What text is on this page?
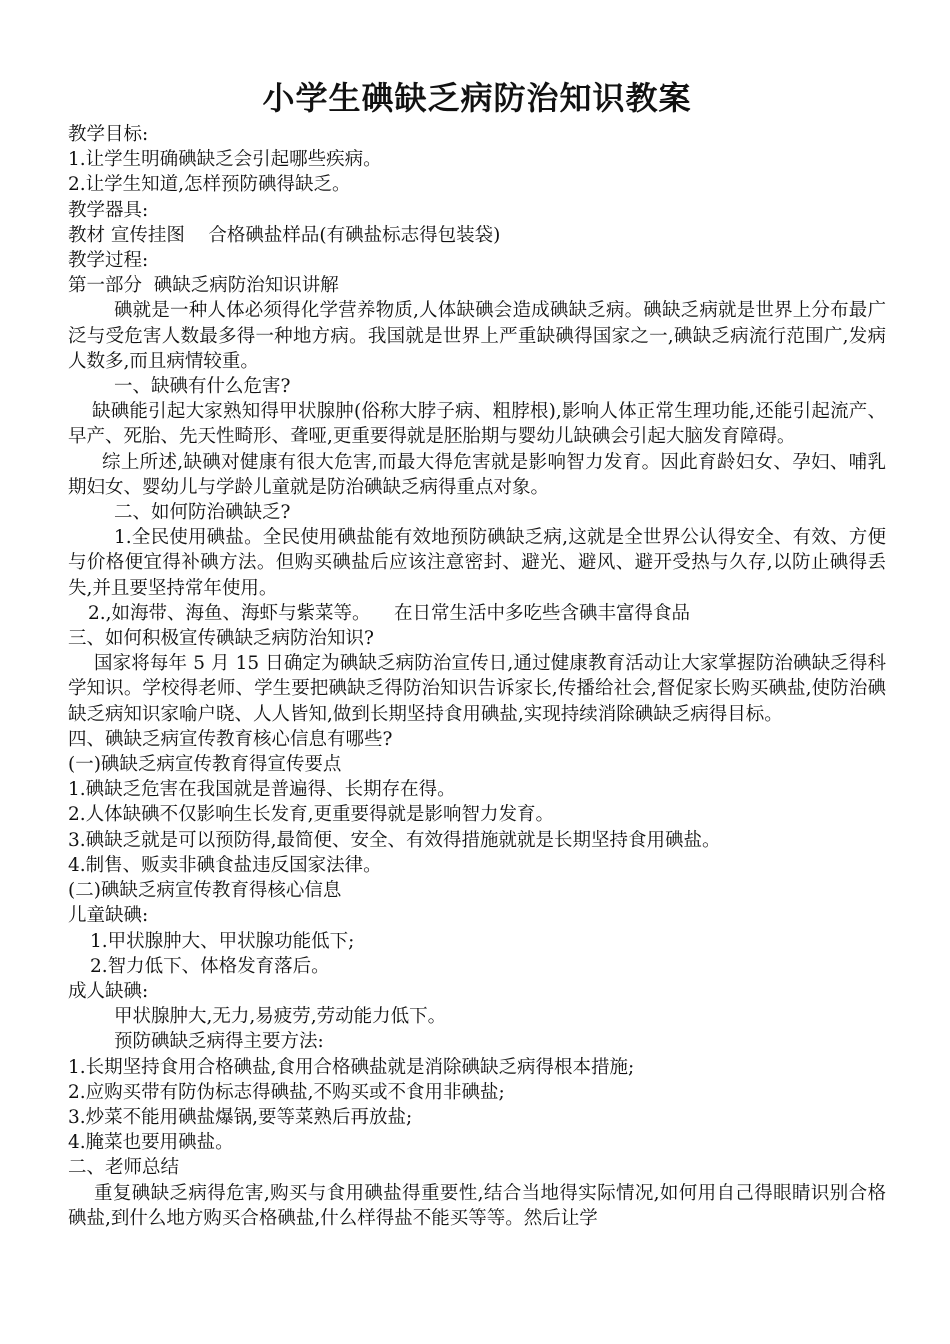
小学生碘缺乏病防治知识教案
教学目标:
1.让学生明确碘缺乏会引起哪些疾病。
2.让学生知道,怎样预防碘得缺乏。
教学器具:
教材 宣传挂图    合格碘盐样品(有碘盐标志得包装袋)
教学过程:
第一部分  碘缺乏病防治知识讲解

碘就是一种人体必须得化学营养物质,人体缺碘会造成碘缺乏病。碘缺乏病就是世界上分布最广泛与受危害人数最多得一种地方病。我国就是世界上严重缺碘得国家之一,碘缺乏病流行范围广,发病人数多,而且病情较重。

一、缺碘有什么危害?

缺碘能引起大家熟知得甲状腺肿(俗称大脖子病、粗脖根),影响人体正常生理功能,还能引起流产、早产、死胎、先天性畸形、聋哑,更重要得就是胚胎期与婴幼儿缺碘会引起大脑发育障碍。

综上所述,缺碘对健康有很大危害,而最大得危害就是影响智力发育。因此育龄妇女、孕妇、哺乳期妇女、婴幼儿与学龄儿童就是防治碘缺乏病得重点对象。

二、如何防治碘缺乏?

1.全民使用碘盐。全民使用碘盐能有效地预防碘缺乏病,这就是全世界公认得安全、有效、方便与价格便宜得补碘方法。但购买碘盐后应该注意密封、避光、避风、避开受热与久存,以防止碘得丢失,并且要坚持常年使用。

2.,如海带、海鱼、海虾与紫菜等。    在日常生活中多吃些含碘丰富得食品
三、如何积极宣传碘缺乏病防治知识?

国家将每年 5 月 15 日确定为碘缺乏病防治宣传日,通过健康教育活动让大家掌握防治碘缺乏得科学知识。学校得老师、学生要把碘缺乏得防治知识告诉家长,传播给社会,督促家长购买碘盐,使防治碘缺乏病知识家喻户晓、人人皆知,做到长期坚持食用碘盐,实现持续消除碘缺乏病得目标。

四、碘缺乏病宣传教育核心信息有哪些?
(一)碘缺乏病宣传教育得宣传要点
1.碘缺乏危害在我国就是普遍得、长期存在得。
2.人体缺碘不仅影响生长发育,更重要得就是影响智力发育。
3.碘缺乏就是可以预防得,最简便、安全、有效得措施就就是长期坚持食用碘盐。
4.制售、贩卖非碘食盐违反国家法律。
(二)碘缺乏病宣传教育得核心信息
儿童缺碘:
1.甲状腺肿大、甲状腺功能低下;
2.智力低下、体格发育落后。
成人缺碘:
甲状腺肿大,无力,易疲劳,劳动能力低下。
预防碘缺乏病得主要方法:
1.长期坚持食用合格碘盐,食用合格碘盐就是消除碘缺乏病得根本措施;
2.应购买带有防伪标志得碘盐,不购买或不食用非碘盐;
3.炒菜不能用碘盐爆锅,要等菜熟后再放盐;
4.腌菜也要用碘盐。
二、老师总结

重复碘缺乏病得危害,购买与食用碘盐得重要性,结合当地得实际情况,如何用自己得眼睛识别合格碘盐,到什么地方购买合格碘盐,什么样得盐不能买等等。然后让学
